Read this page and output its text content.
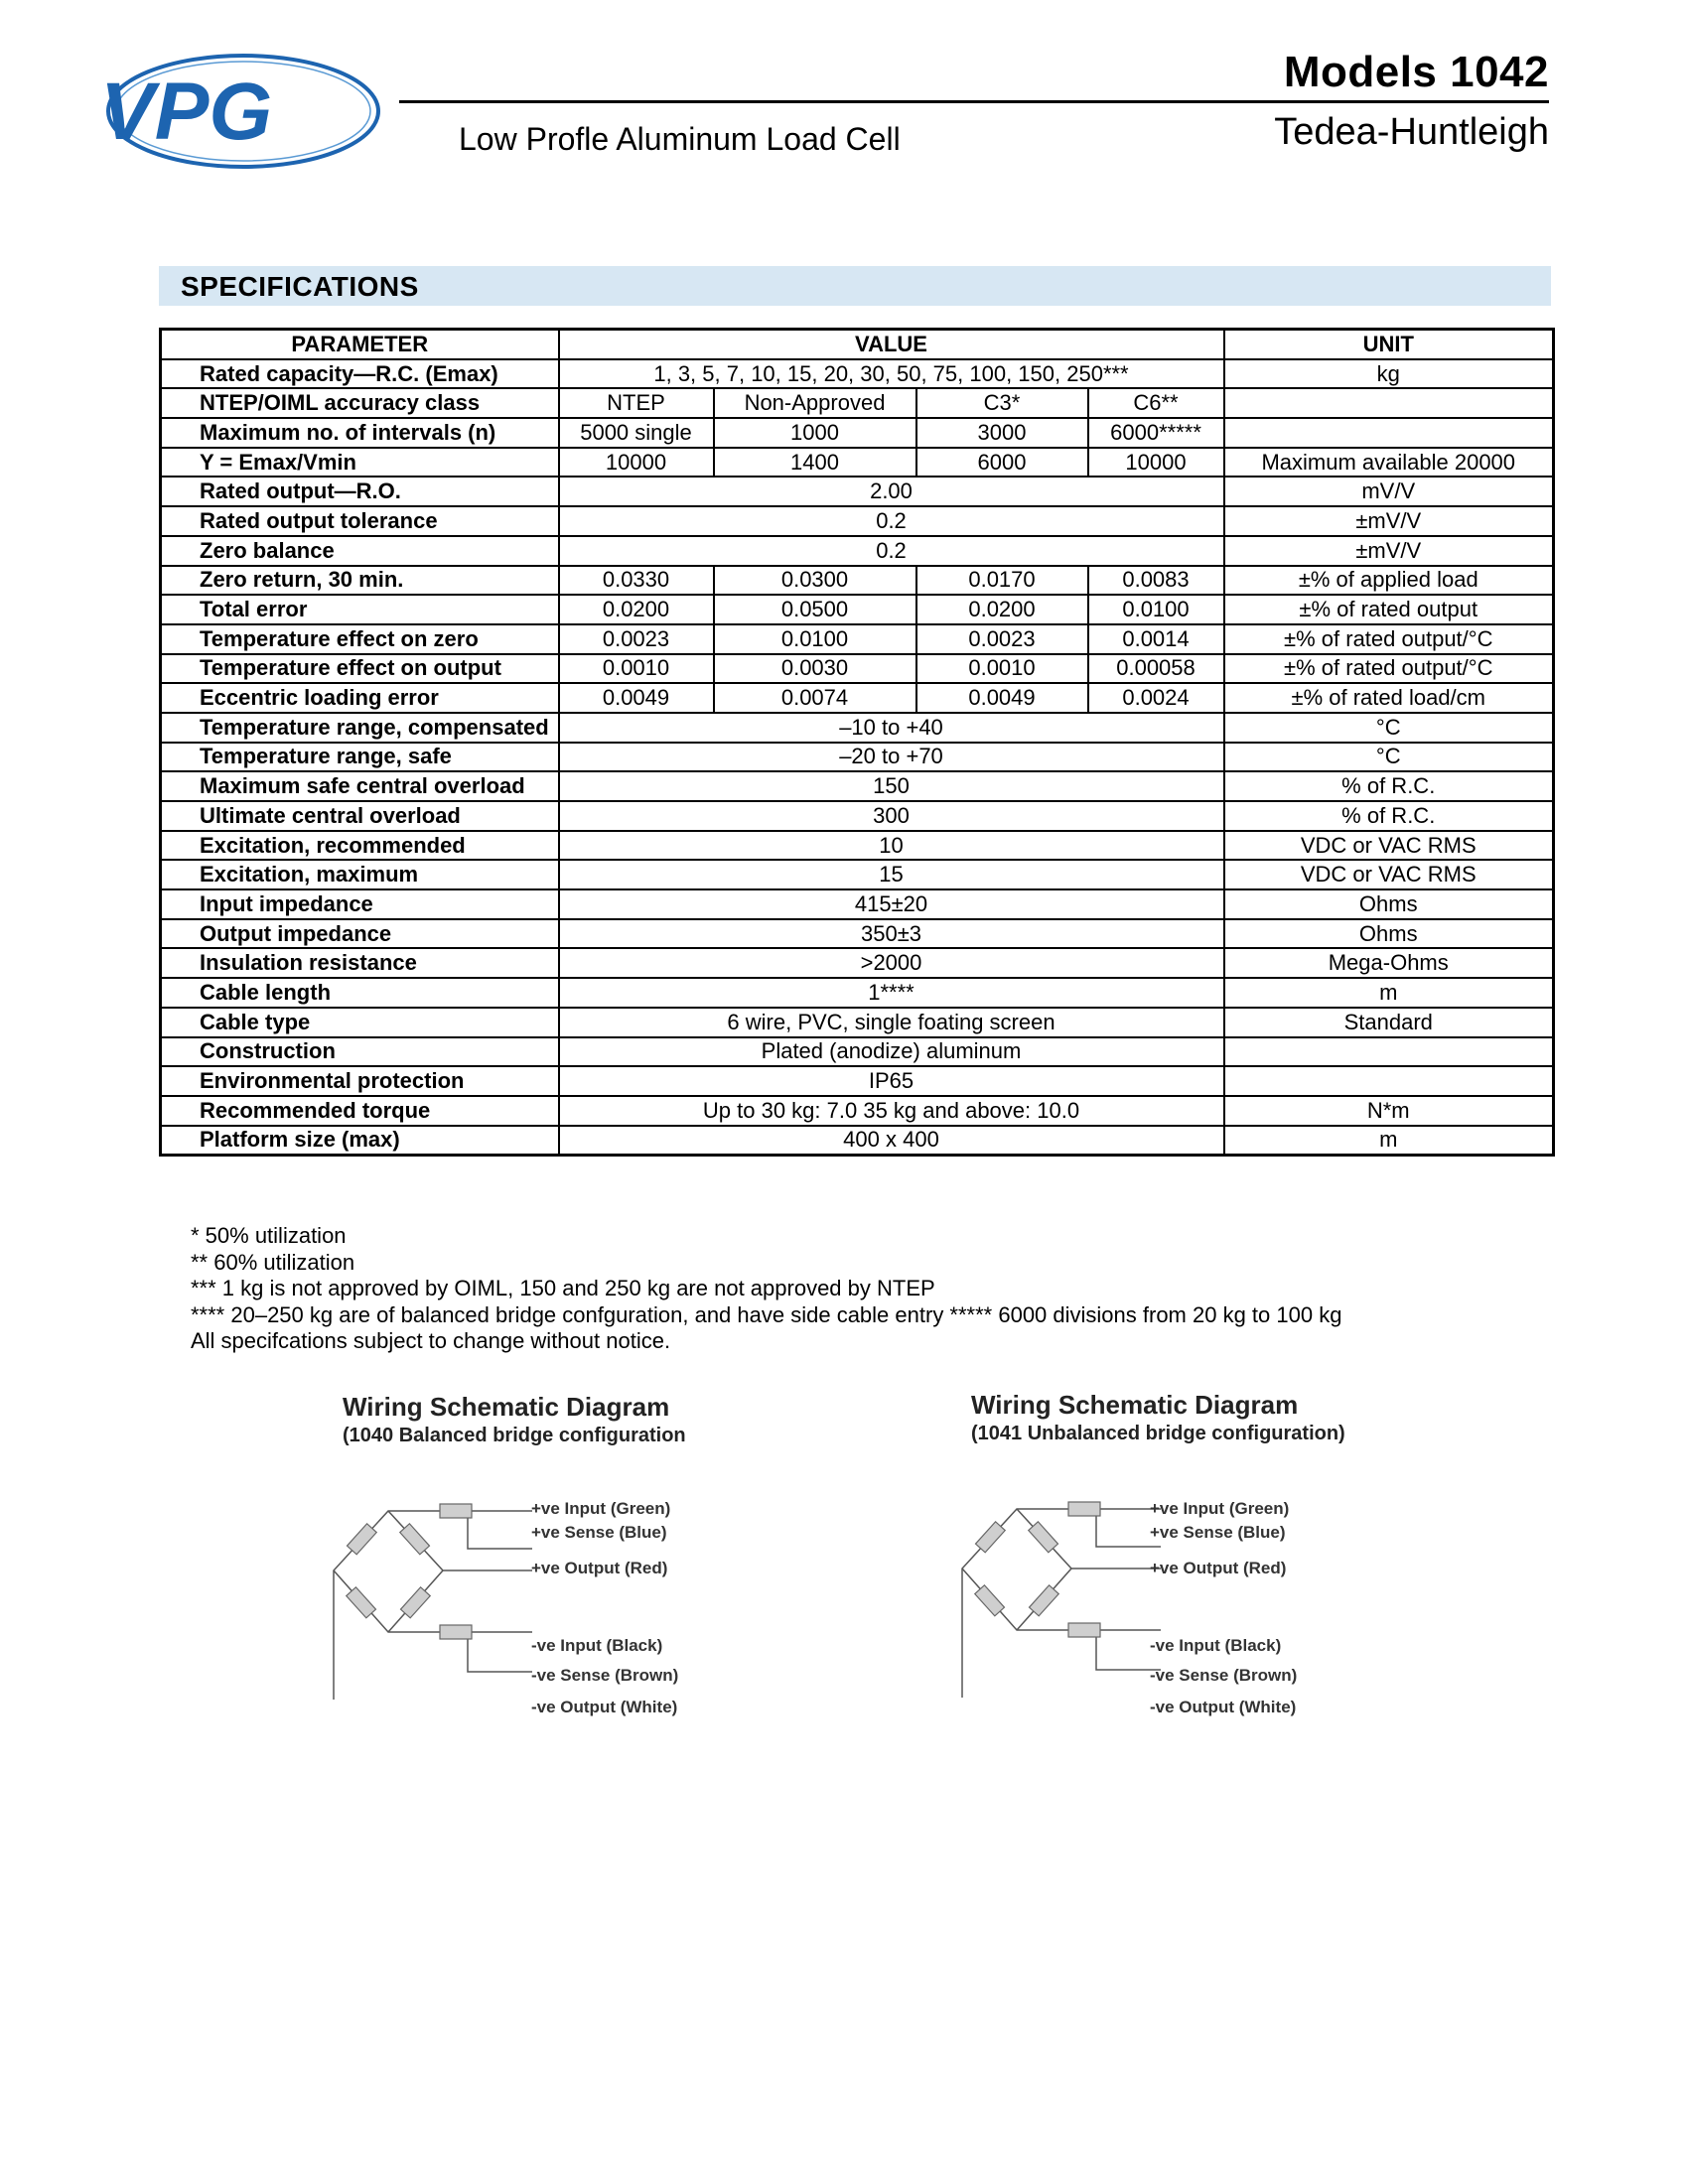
VPG	Models 1042
Tedea-Huntleigh
Low Profle Aluminum Load Cell
SPECIFICATIONS
PARAMETER	VALUE				UNIT
Rated capacity—R.C. (Emax)	1, 3, 5, 7, 10, 15, 20, 30, 50, 75, 100, 150, 250***				kg
NTEP/OIML accuracy class	NTEP	Non-Approved	C3*	C6**	
Maximum no. of intervals (n)	5000 single	1000	3000	6000*****	
Y = Emax/Vmin	10000	1400	6000	10000	Maximum available 20000
Rated output—R.O.	2.00				mV/V
Rated output tolerance	0.2				±mV/V
Zero balance	0.2				±mV/V
Zero return, 30 min.	0.0330	0.0300	0.0170	0.0083	±% of applied load
Total error	0.0200	0.0500	0.0200	0.0100	±% of rated output
Temperature effect on zero	0.0023	0.0100	0.0023	0.0014	±% of rated output/°C
Temperature effect on output	0.0010	0.0030	0.0010	0.00058	±% of rated output/°C
Eccentric loading error	0.0049	0.0074	0.0049	0.0024	±% of rated load/cm
Temperature range, compensated	–10 to +40				°C
Temperature range, safe	–20 to +70				°C
Maximum safe central overload	150				% of R.C.
Ultimate central overload	300				% of R.C.
Excitation, recommended	10				VDC or VAC RMS
Excitation, maximum	15				VDC or VAC RMS
Input impedance	415±20				Ohms
Output impedance	350±3				Ohms
Insulation resistance	>2000				Mega-Ohms
Cable length	1****				m
Cable type	6 wire, PVC, single foating screen				Standard
Construction	Plated (anodize) aluminum				
Environmental protection	IP65				
Recommended torque	Up to 30 kg: 7.0 35 kg and above: 10.0				N*m
Platform size (max)	400 x 400				m
* 50% utilization
** 60% utilization
*** 1 kg is not approved by OIML, 150 and 250 kg are not approved by NTEP
**** 20–250 kg are of balanced bridge confguration, and have side cable entry ***** 6000 divisions from 20 kg to 100 kg
All specifcations subject to change without notice.
Wiring Schematic Diagram
(1040 Balanced bridge configuration
+ve Input (Green)
+ve Sense (Blue)
+ve Output (Red)
-ve Input (Black)
-ve Sense (Brown)
-ve Output (White)
Wiring Schematic Diagram
(1041 Unbalanced bridge configuration)
+ve Input (Green)
+ve Sense (Blue)
+ve Output (Red)
-ve Input (Black)
-ve Sense (Brown)
-ve Output (White)
